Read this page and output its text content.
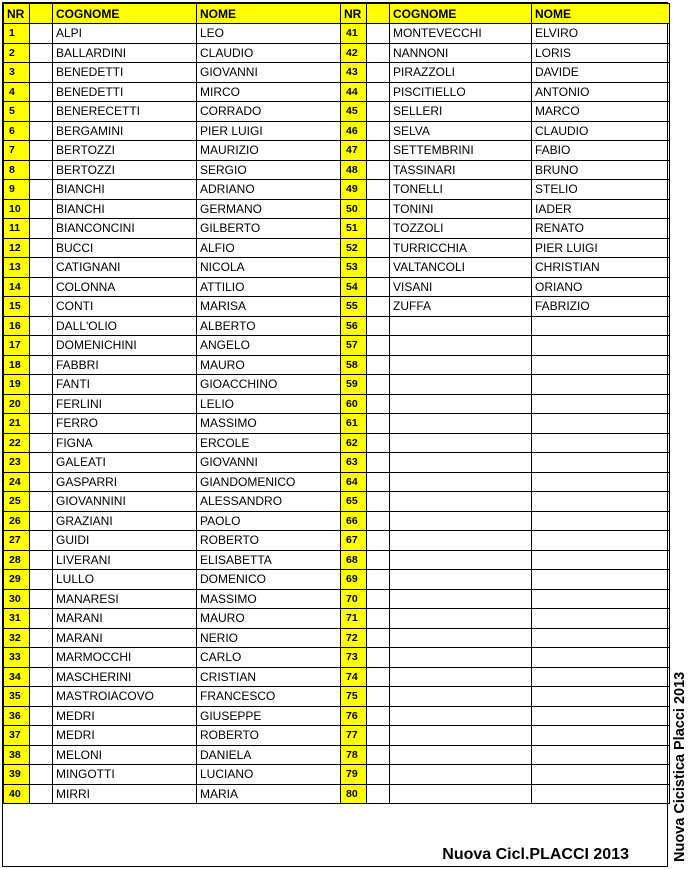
NR		COGNOME	NOME	NR		COGNOME	NOME
1		ALPI	LEO	41		MONTEVECCHI	ELVIRO
2		BALLARDINI	CLAUDIO	42		NANNONI	LORIS
3		BENEDETTI	GIOVANNI	43		PIRAZZOLI	DAVIDE
4		BENEDETTI	MIRCO	44		PISCITIELLO	ANTONIO
5		BENERECETTI	CORRADO	45		SELLERI	MARCO
6		BERGAMINI	PIER LUIGI	46		SELVA	CLAUDIO
7		BERTOZZI	MAURIZIO	47		SETTEMBRINI	FABIO
8		BERTOZZI	SERGIO	48		TASSINARI	BRUNO
9		BIANCHI	ADRIANO	49		TONELLI	STELIO
10		BIANCHI	GERMANO	50		TONINI	IADER
11		BIANCONCINI	GILBERTO	51		TOZZOLI	RENATO
12		BUCCI	ALFIO	52		TURRICCHIA	PIER LUIGI
13		CATIGNANI	NICOLA	53		VALTANCOLI	CHRISTIAN
14		COLONNA	ATTILIO	54		VISANI	ORIANO
15		CONTI	MARISA	55		ZUFFA	FABRIZIO
16		DALL'OLIO	ALBERTO	56			
17		DOMENICHINI	ANGELO	57			
18		FABBRI	MAURO	58			
19		FANTI	GIOACCHINO	59			
20		FERLINI	LELIO	60			
21		FERRO	MASSIMO	61			
22		FIGNA	ERCOLE	62			
23		GALEATI	GIOVANNI	63			
24		GASPARRI	GIANDOMENICO	64			
25		GIOVANNINI	ALESSANDRO	65			
26		GRAZIANI	PAOLO	66			
27		GUIDI	ROBERTO	67			
28		LIVERANI	ELISABETTA	68			
29		LULLO	DOMENICO	69			
30		MANARESI	MASSIMO	70			
31		MARANI	MAURO	71			
32		MARANI	NERIO	72			
33		MARMOCCHI	CARLO	73			
34		MASCHERINI	CRISTIAN	74			
35		MASTROIACOVO	FRANCESCO	75			
36		MEDRI	GIUSEPPE	76			
37		MEDRI	ROBERTO	77			
38		MELONI	DANIELA	78			
39		MINGOTTI	LUCIANO	79			
40		MIRRI	MARIA	80			
Nuova Cicl.PLACCI 2013	Nuova Cicistica Placci 2013
